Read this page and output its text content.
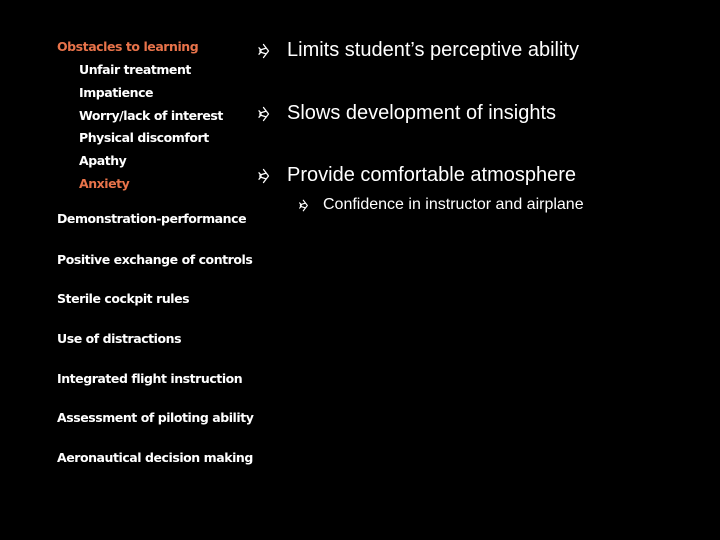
Obstacles to learning
Unfair treatment
Impatience
Worry/lack of interest
Physical discomfort
Apathy
Anxiety
Demonstration-performance
Positive exchange of controls
Sterile cockpit rules
Use of distractions
Integrated flight instruction
Assessment of piloting ability
Aeronautical decision making
Limits student’s perceptive ability
Slows development of insights
Provide comfortable atmosphere
Confidence in instructor and airplane
